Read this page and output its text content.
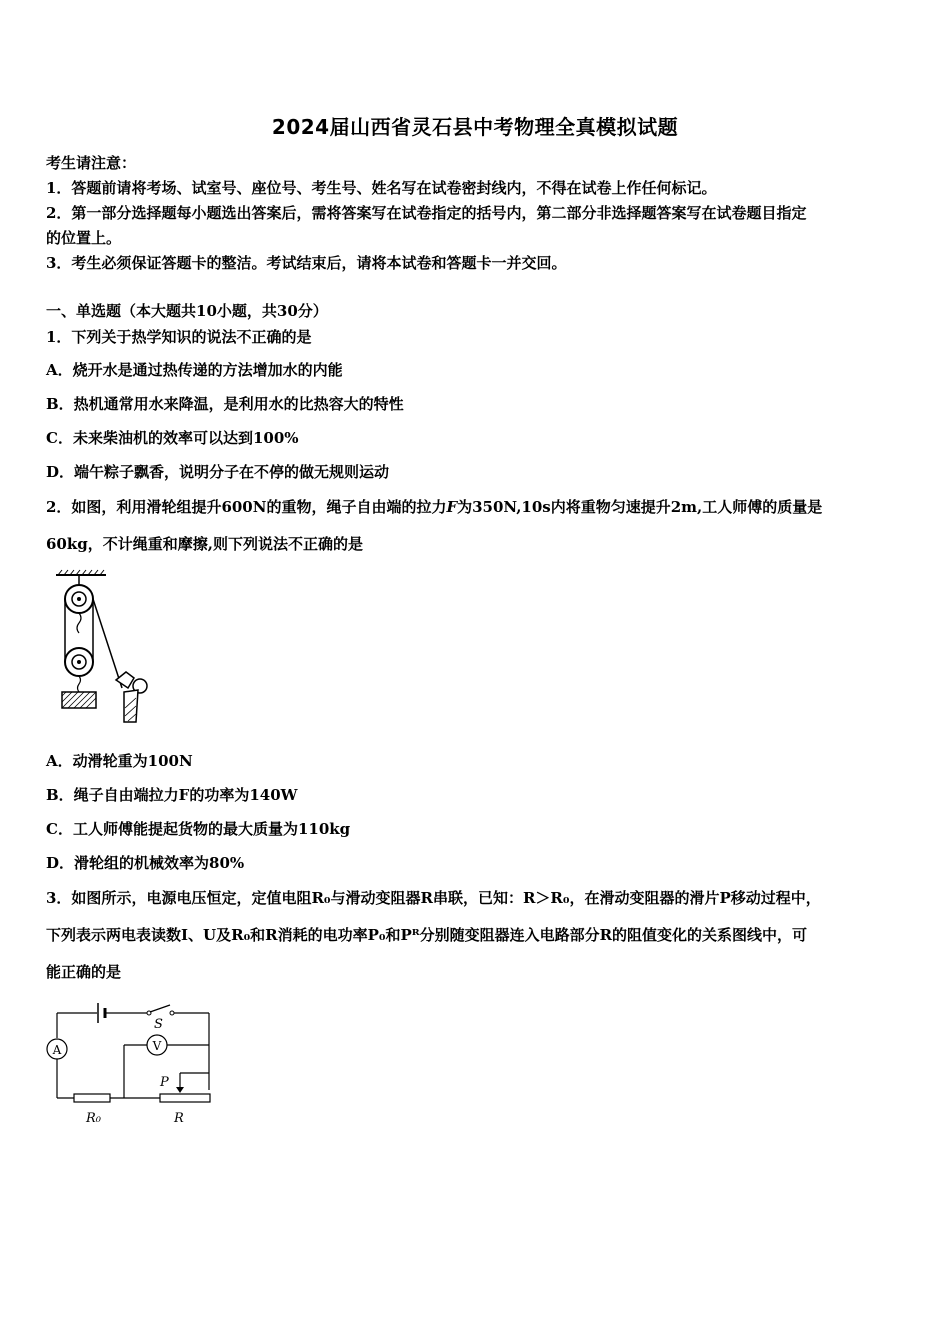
2024届山西省灵石县中考物理全真模拟试题
考生请注意：
1．答题前请将考场、试室号、座位号、考生号、姓名写在试卷密封线内，不得在试卷上作任何标记。
2．第一部分选择题每小题选出答案后，需将答案写在试卷指定的括号内，第二部分非选择题答案写在试卷题目指定
的位置上。
3．考生必须保证答题卡的整洁。考试结束后，请将本试卷和答题卡一并交回。
一、单选题（本大题共10小题，共30分）
1．下列关于热学知识的说法不正确的是
A．烧开水是通过热传递的方法增加水的内能
B．热机通常用水来降温，是利用水的比热容大的特性
C．未来柴油机的效率可以达到100%
D．端午粽子飘香，说明分子在不停的做无规则运动
2．如图，利用滑轮组提升600N的重物，绳子自由端的拉力F为350N,10s内将重物匀速提升2m,工人师傅的质量是
60kg，不计绳重和摩擦,则下列说法不正确的是
A．动滑轮重为100N
B．绳子自由端拉力F的功率为140W
C．工人师傅能提起货物的最大质量为110kg
D．滑轮组的机械效率为80%
3．如图所示，电源电压恒定，定值电阻R₀与滑动变阻器R串联，已知：R＞R₀，在滑动变阻器的滑片P移动过程中，
下列表示两电表读数I、U及R₀和R消耗的电功率P₀和Pᴿ分别随变阻器连入电路部分R的阻值变化的关系图线中，可
能正确的是
S
A
R₀	R
P
V
